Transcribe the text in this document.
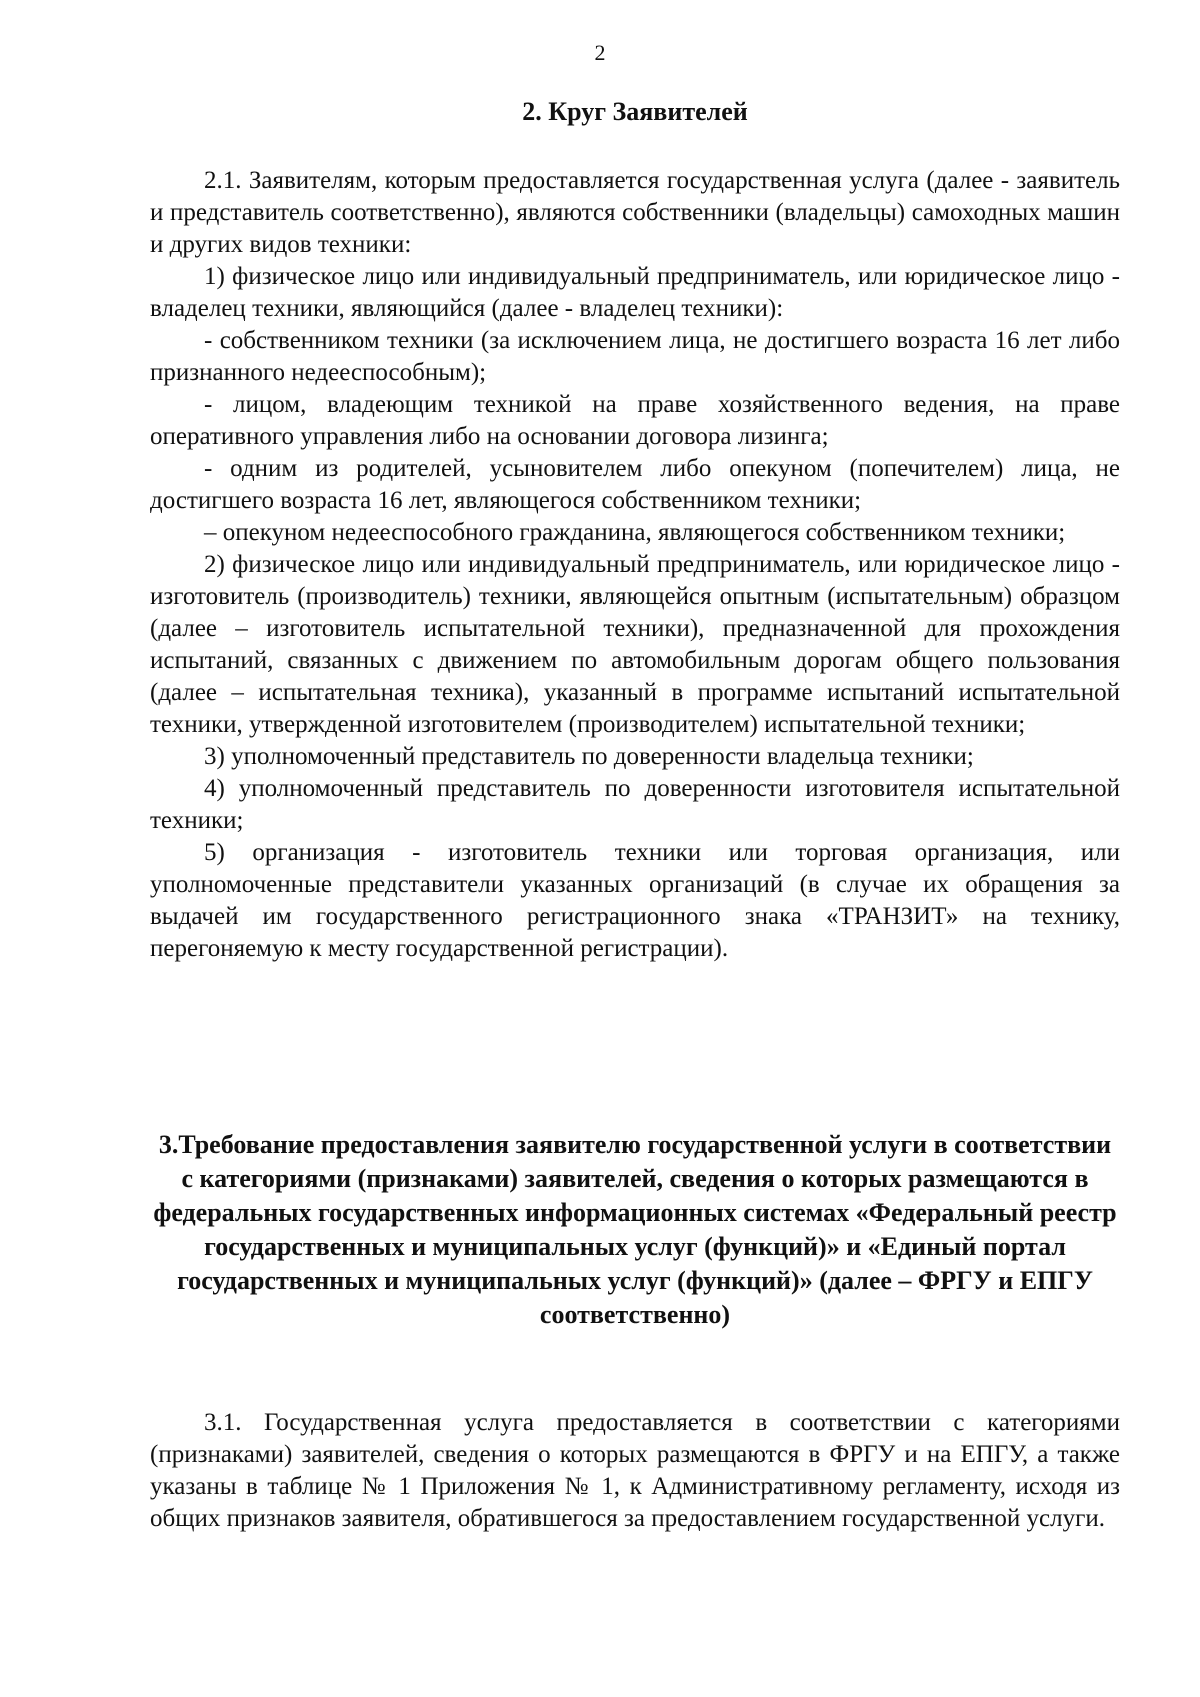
2
2. Круг Заявителей

2.1. Заявителям, которым предоставляется государственная услуга (далее - заявитель и представитель соответственно), являются собственники (владельцы) самоходных машин и других видов техники:

1) физическое лицо или индивидуальный предприниматель, или юридическое лицо - владелец техники, являющийся (далее - владелец техники):

- собственником техники (за исключением лица, не достигшего возраста 16 лет либо признанного недееспособным);

- лицом, владеющим техникой на праве хозяйственного ведения, на праве оперативного управления либо на основании договора лизинга;

- одним из родителей, усыновителем либо опекуном (попечителем) лица, не достигшего возраста 16 лет, являющегося собственником техники;

– опекуном недееспособного гражданина, являющегося собственником техники;

2) физическое лицо или индивидуальный предприниматель, или юридическое лицо - изготовитель (производитель) техники, являющейся опытным (испытательным) образцом (далее – изготовитель испытательной техники), предназначенной для прохождения испытаний, связанных с движением по автомобильным дорогам общего пользования (далее – испытательная техника), указанный в программе испытаний испытательной техники, утвержденной изготовителем (производителем) испытательной техники;

3) уполномоченный представитель по доверенности владельца техники;

4) уполномоченный представитель по доверенности изготовителя испытательной техники;

5) организация - изготовитель техники или торговая организация, или уполномоченные представители указанных организаций (в случае их обращения за выдачей им государственного регистрационного знака «ТРАНЗИТ» на технику, перегоняемую к месту государственной регистрации).

3.Требование предоставления заявителю государственной услуги в соответствии с категориями (признаками) заявителей, сведения о которых размещаются в федеральных государственных информационных системах «Федеральный реестр государственных и муниципальных услуг (функций)» и «Единый портал государственных и муниципальных услуг (функций)» (далее – ФРГУ и ЕПГУ соответственно)

3.1. Государственная услуга предоставляется в соответствии с категориями (признаками) заявителей, сведения о которых размещаются в ФРГУ и на ЕПГУ, а также указаны в таблице № 1 Приложения № 1, к Административному регламенту, исходя из общих признаков заявителя, обратившегося за предоставлением государственной услуги.
